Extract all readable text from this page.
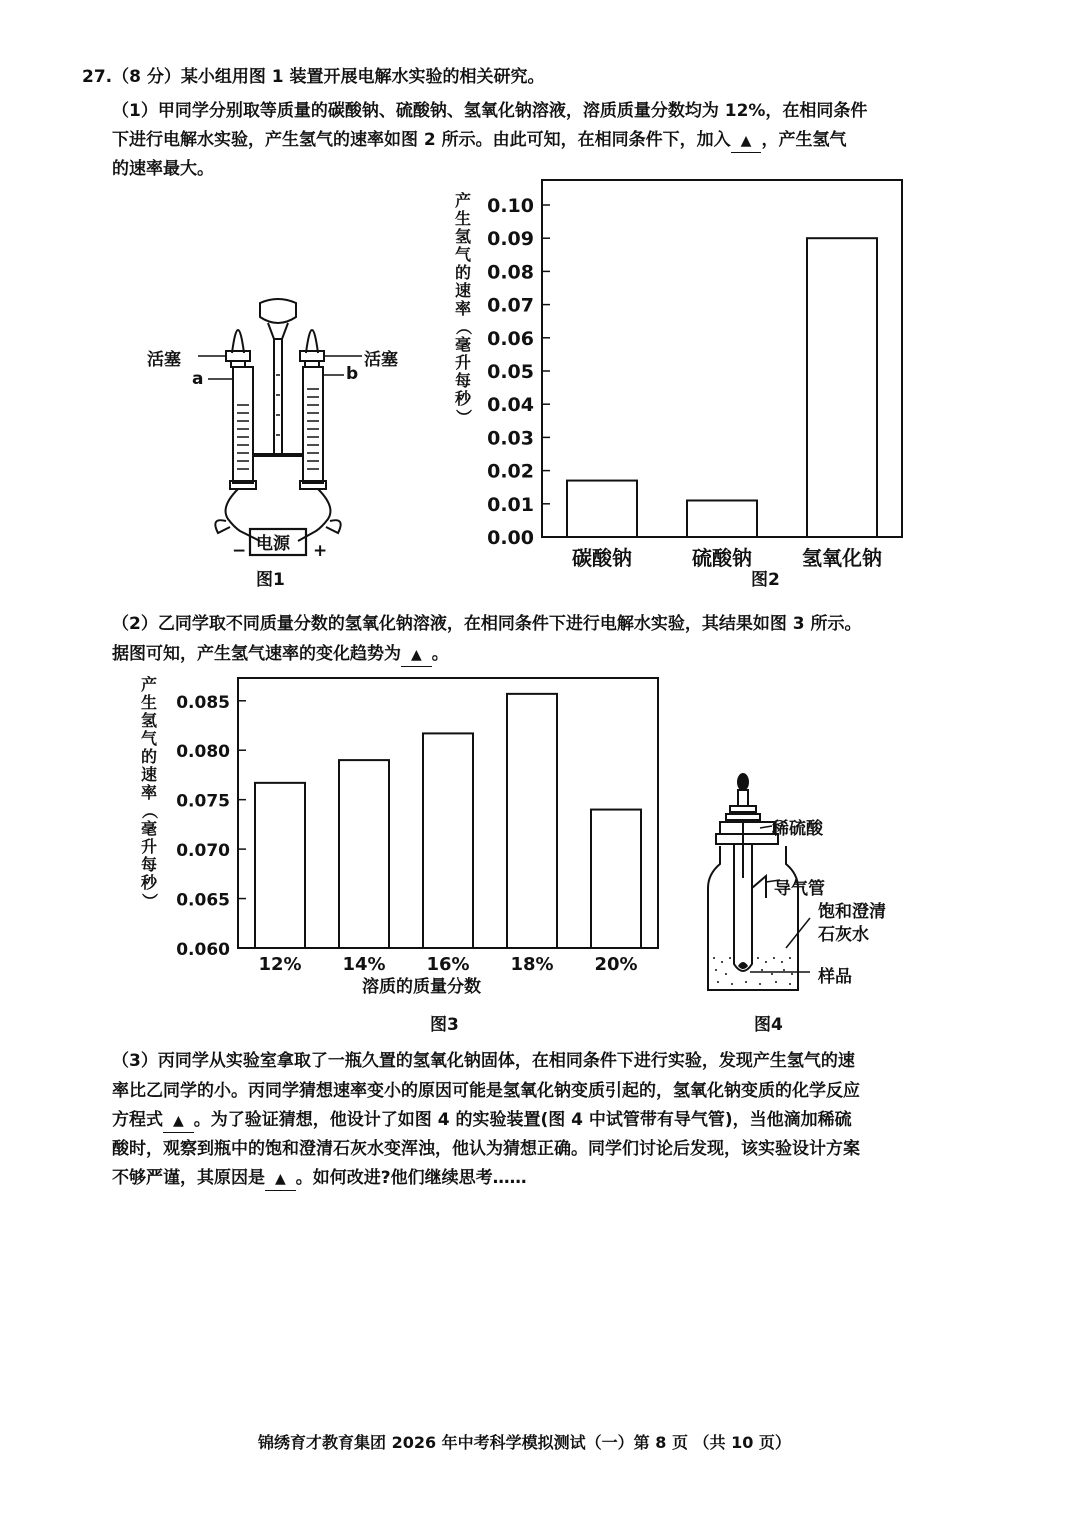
27.（8 分）某小组用图 1 装置开展电解水实验的相关研究。
（1）甲同学分别取等质量的碳酸钠、硫酸钠、氢氧化钠溶液，溶质质量分数均为 12%，在相同条件
下进行电解水实验，产生氢气的速率如图 2 所示。由此可知，在相同条件下，加入 ▲ ，产生氢气
的速率最大。
活塞	活塞
a	b
电源
−	+
图1
产
生
氢
气
的
速
率
（
毫
升
每
秒
）
0.00
0.01
0.02
0.03
0.04
0.05
0.06
0.07
0.08
0.09
0.10
碳酸钠	硫酸钠	氢氧化钠
图2
（2）乙同学取不同质量分数的氢氧化钠溶液，在相同条件下进行电解水实验，其结果如图 3 所示。
据图可知，产生氢气速率的变化趋势为 ▲ 。
产
生
氢
气
的
速
率
（
毫
升
每
秒
）
0.060
0.065
0.070
0.075
0.080
0.085
12% 14% 16% 18% 20%
溶质的质量分数
图3
稀硫酸
导气管
饱和澄清
石灰水
样品
图4
（3）丙同学从实验室拿取了一瓶久置的氢氧化钠固体，在相同条件下进行实验，发现产生氢气的速
率比乙同学的小。丙同学猜想速率变小的原因可能是氢氧化钠变质引起的，氢氧化钠变质的化学反应
方程式 ▲ 。为了验证猜想，他设计了如图 4 的实验装置(图 4 中试管带有导气管)，当他滴加稀硫
酸时，观察到瓶中的饱和澄清石灰水变浑浊，他认为猜想正确。同学们讨论后发现，该实验设计方案
不够严谨，其原因是 ▲ 。如何改进?他们继续思考……
锦绣育才教育集团 2026 年中考科学模拟测试（一）第 8 页 （共 10 页）
